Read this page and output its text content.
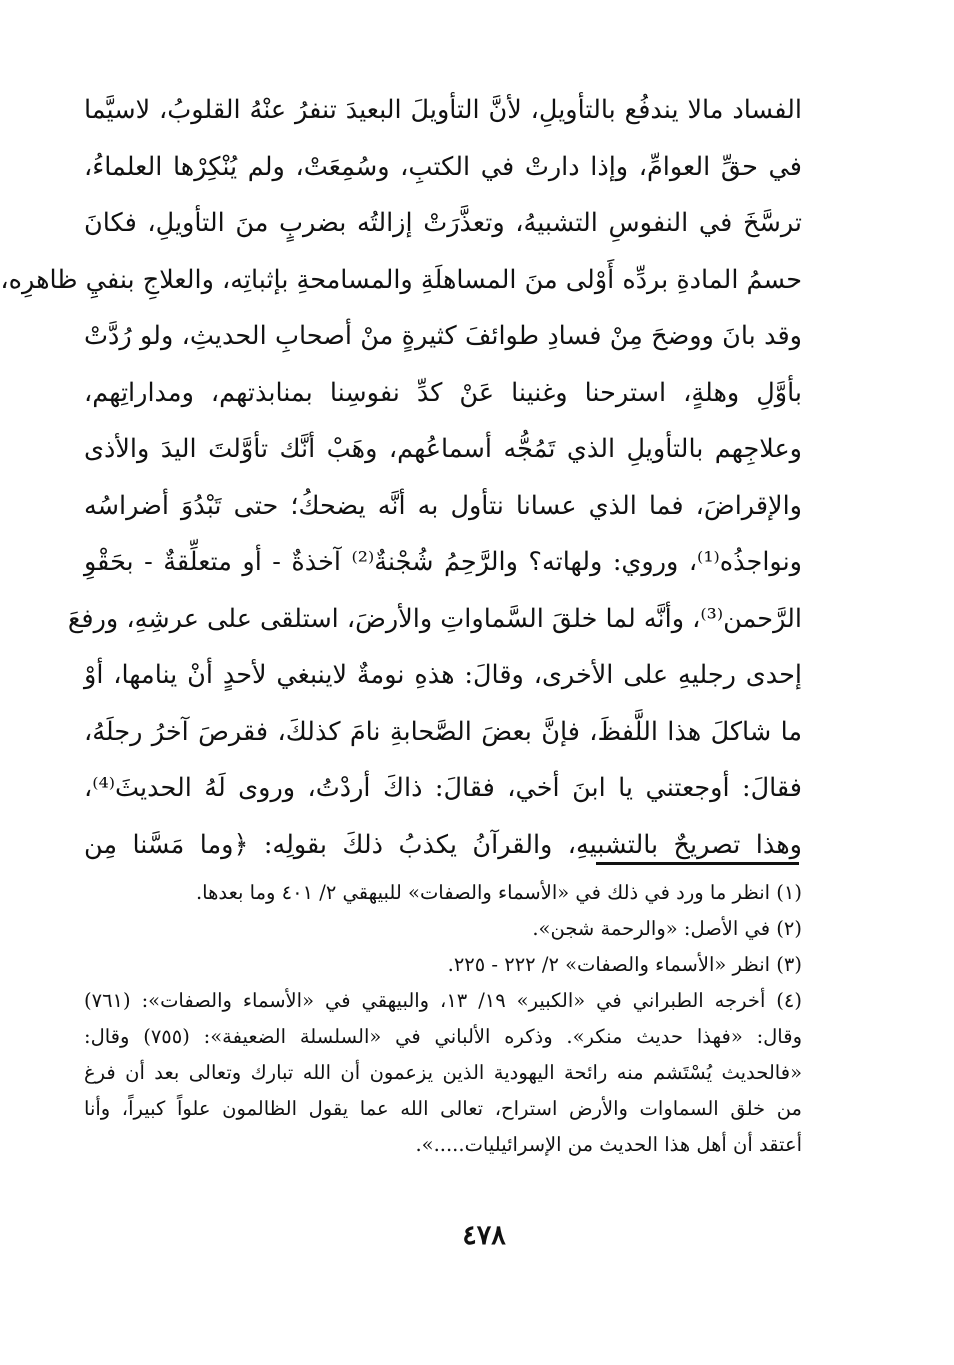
الفساد مالا يندفُع بالتأويلِ، لأنَّ التأويلَ البعيدَ تنفرُ عنْهُ القلوبُ، لاسيَّما
في حقِّ العوامِّ، وإذا دارتْ في الكتبِ، وسُمِعَتْ، ولم يُنْكِرْها العلماءُ،
ترسَّخَ في النفوسِ التشبيهُ، وتعذَّرَتْ إزالتُه بضربٍ منَ التأويلِ، فكانَ
حسمُ المادةِ بردِّه أَوْلى منَ المساهلَةِ والمسامحةِ بإثباتِه، والعلاجِ بنفيِ ظاهرِه،
وقد بانَ ووضحَ مِنْ فسادِ طوائفَ كثيرةٍ منْ أصحابِ الحديثِ، ولو رُدَّتْ
بأوَّلِ وهلةٍ، استرحنا وغنينا عَنْ كدِّ نفوسِنا بمنابذتهم، ومداراتِهم،
وعلاجِهم بالتأويلِ الذي تَمُجُّه أسماعُهم، وهَبْ أنَّك تأوَّلتَ اليدَ والأذى
والإقراضَ، فما الذي عسانا نتأول به أنَّه يضحكُ؛ حتى تَبْدُوَ أضراسُه
ونواجذُه⁽¹⁾، وروي: ولهاته؟ والرَّحِمُ شُجْنةٌ⁽²⁾ آخذةٌ - أو متعلِّقةٌ - بحَقْوِ
الرَّحمن⁽³⁾، وأنَّه لما خلقَ السَّماواتِ والأرضَ، استلقى على عرشِهِ، ورفعَ
إحدى رجليهِ على الأخرى، وقالَ: هذهِ نومةٌ لاينبغي لأحدٍ أنْ ينامها، أوْ
ما شاكلَ هذا اللَّفظَ، فإنَّ بعضَ الصَّحابةِ نامَ كذلكَ، فقرصَ آخرُ رجلَهُ،
فقالَ: أوجعتني يا ابنَ أخي، فقالَ: ذاكَ أردْتُ، وروى لَهُ الحديثَ⁽⁴⁾،
وهذا تصريحٌ بالتشبيهِ، والقرآنُ يكذبُ ذلكَ بقولِه: ﴿وما مَسَّنا مِن
(١) انظر ما ورد في ذلك في «الأسماء والصفات» للبيهقي ٢/ ٤٠١ وما بعدها.
(٢) في الأصل: «والرحمة شجن».
(٣) انظر «الأسماء والصفات» ٢/ ٢٢٢ - ٢٢٥.
(٤) أخرجه الطبراني في «الكبير» ١٩/ ١٣، والبيهقي في «الأسماء والصفات»: (٧٦١)
وقال: «فهذا حديث منكر». وذكره الألباني في «السلسلة الضعيفة»: (٧٥٥) وقال:
«فالحديث يُسْتَشم منه رائحة اليهودية الذين يزعمون أن الله تبارك وتعالى بعد أن فرغ
من خلق السماوات والأرض استراح، تعالى الله عما يقول الظالمون علواً كبيراً، وأنا
أعتقد أن أهل هذا الحديث من الإسرائيليات.....».
٤٧٨
